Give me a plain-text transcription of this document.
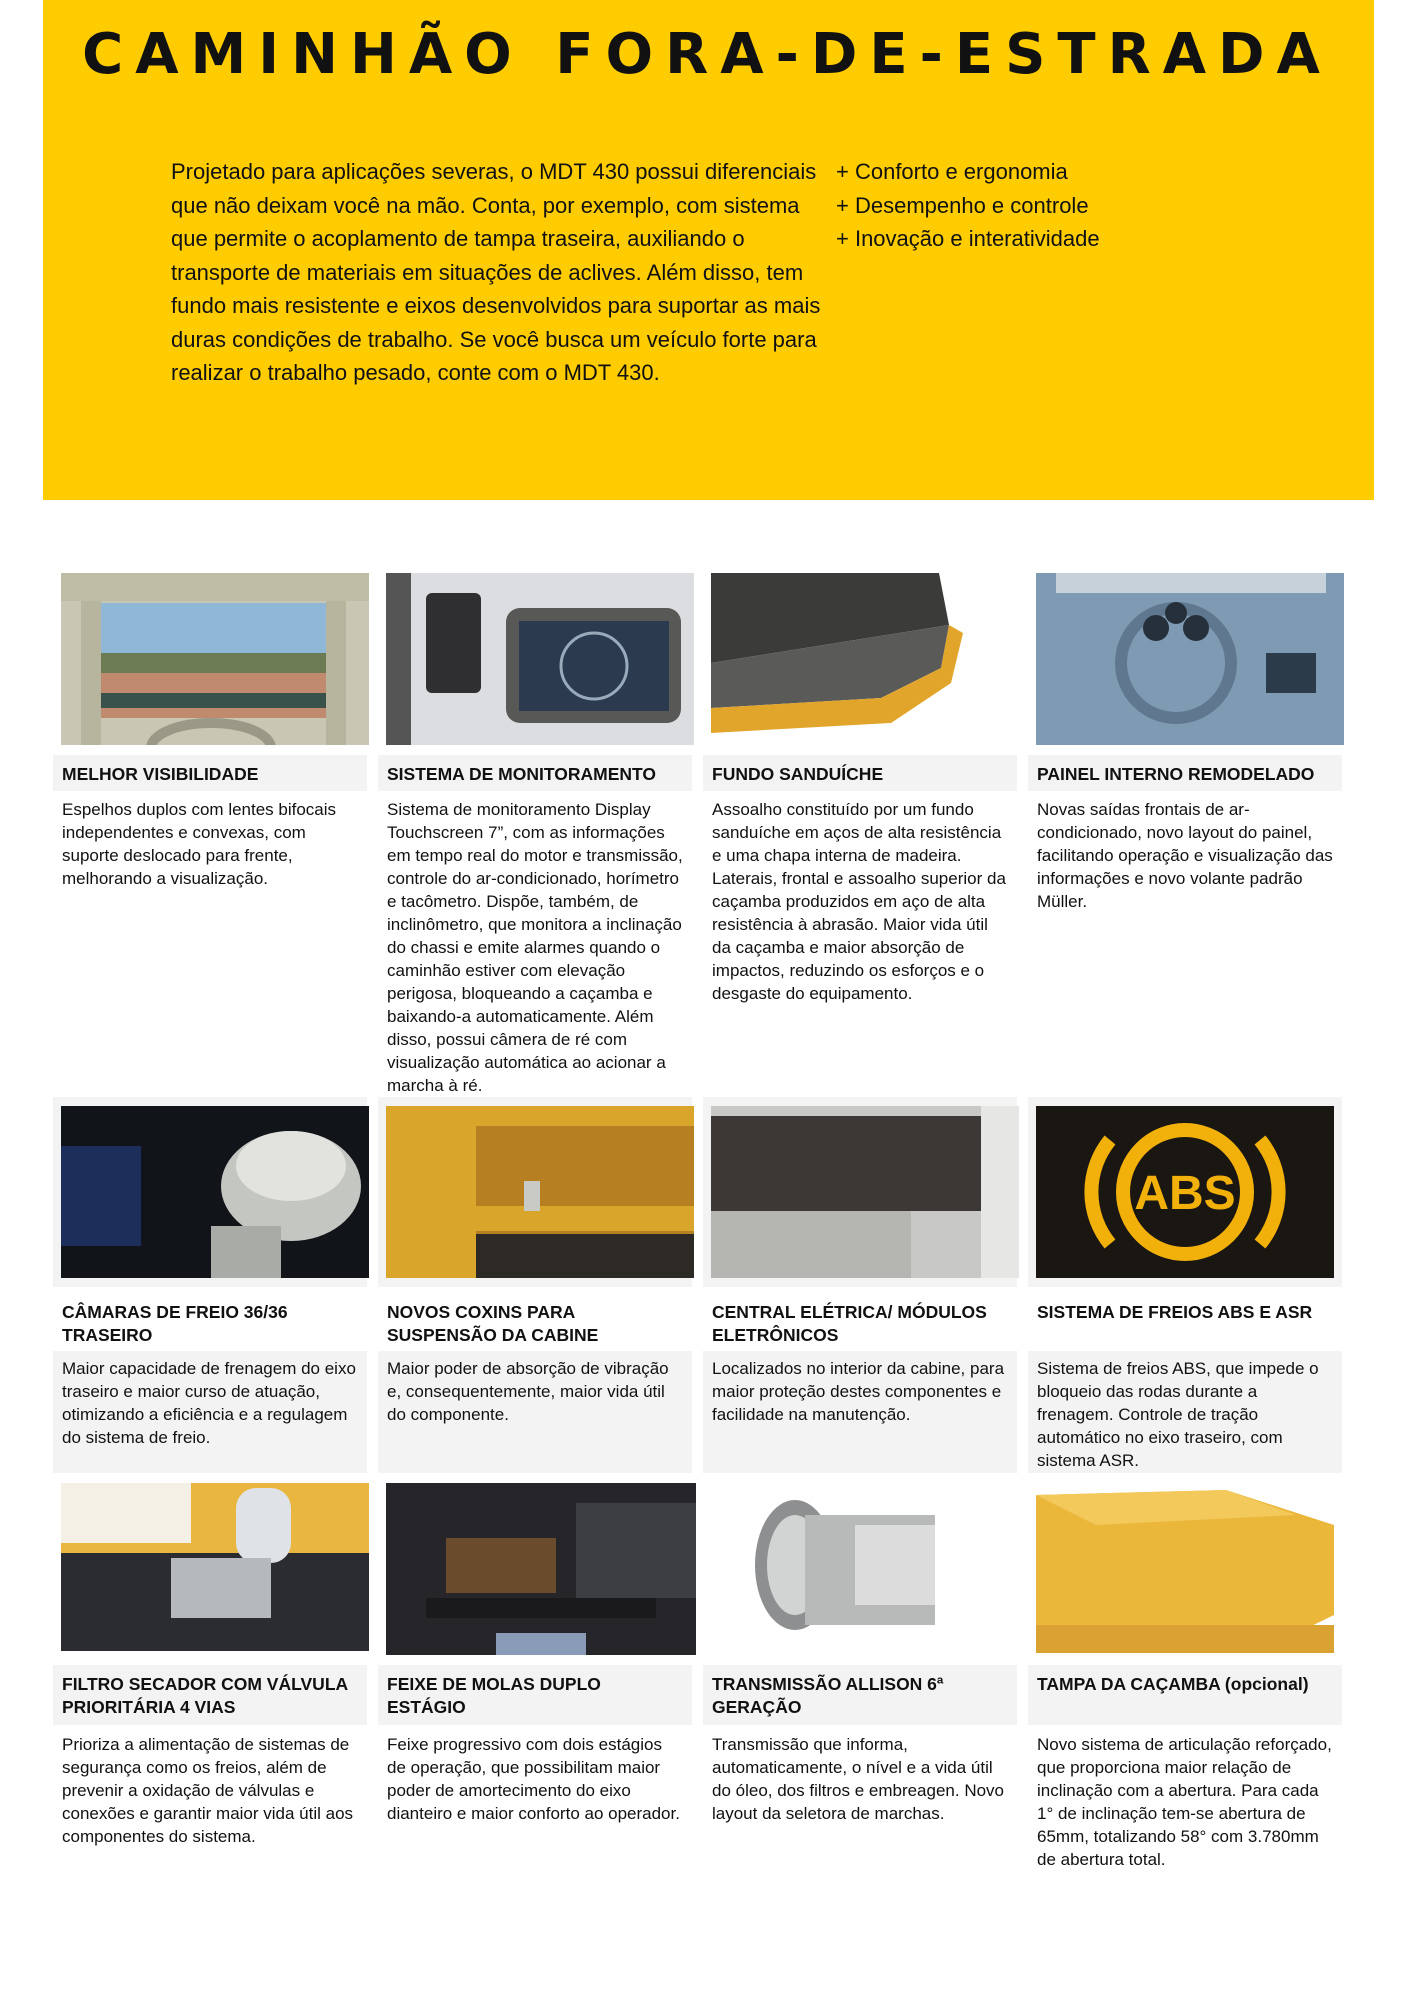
CAMINHÃO FORA-DE-ESTRADA

Projetado para aplicações severas, o MDT 430 possui diferenciais que não deixam você na mão. Conta, por exemplo, com sistema que permite o acoplamento de tampa traseira, auxiliando o transporte de materiais em situações de aclives. Além disso, tem fundo mais resistente e eixos desenvolvidos para suportar as mais duras condições de trabalho. Se você busca um veículo forte para realizar o trabalho pesado, conte com o MDT 430.

+ Conforto e ergonomia
+ Desempenho e controle
+ Inovação e interatividade
MELHOR VISIBILIDADE	SISTEMA DE MONITORAMENTO	FUNDO SANDUÍCHE	PAINEL INTERNO REMODELADO
Espelhos duplos com lentes bifocais independentes e convexas, com suporte deslocado para frente, melhorando a visualização.
Sistema de monitoramento Display Touchscreen 7”, com as informações em tempo real do motor e transmissão, controle do ar-condicionado, horímetro e tacômetro. Dispõe, também, de inclinômetro, que monitora a inclinação do chassi e emite alarmes quando o caminhão estiver com elevação perigosa, bloqueando a caçamba e baixando-a automaticamente. Além disso, possui câmera de ré com visualização automática ao acionar a marcha à ré.
Assoalho constituído por um fundo sanduíche em aços de alta resistência e uma chapa interna de madeira. Laterais, frontal e assoalho superior da caçamba produzidos em aço de alta resistência à abrasão. Maior vida útil da caçamba e maior absorção de impactos, reduzindo os esforços e o desgaste do equipamento.
Novas saídas frontais de ar-condicionado, novo layout do painel, facilitando operação e visualização das informações e novo volante padrão Müller.
ABS
CÂMARAS DE FREIO 36/36 TRASEIRO
NOVOS COXINS PARA SUSPENSÃO DA CABINE
CENTRAL ELÉTRICA/ MÓDULOS ELETRÔNICOS
SISTEMA DE FREIOS ABS E ASR
Maior capacidade de frenagem do eixo traseiro e maior curso de atuação, otimizando a eficiência e a regulagem do sistema de freio.
Maior poder de absorção de vibração e, consequentemente, maior vida útil do componente.
Localizados no interior da cabine, para maior proteção destes componentes e facilidade na manutenção.
Sistema de freios ABS, que impede o bloqueio das rodas durante a frenagem. Controle de tração automático no eixo traseiro, com sistema ASR.
FILTRO SECADOR COM VÁLVULA PRIORITÁRIA 4 VIAS
FEIXE DE MOLAS DUPLO ESTÁGIO
TRANSMISSÃO ALLISON 6ª GERAÇÃO
TAMPA DA CAÇAMBA (opcional)
Prioriza a alimentação de sistemas de segurança como os freios, além de prevenir a oxidação de válvulas e conexões e garantir maior vida útil aos componentes do sistema.
Feixe progressivo com dois estágios de operação, que possibilitam maior poder de amortecimento do eixo dianteiro e maior conforto ao operador.
Transmissão que informa, automaticamente, o nível e a vida útil do óleo, dos filtros e embreagen. Novo layout da seletora de marchas.
Novo sistema de articulação reforçado, que proporciona maior relação de inclinação com a abertura. Para cada 1° de inclinação tem-se abertura de 65mm, totalizando 58° com 3.780mm de abertura total.
